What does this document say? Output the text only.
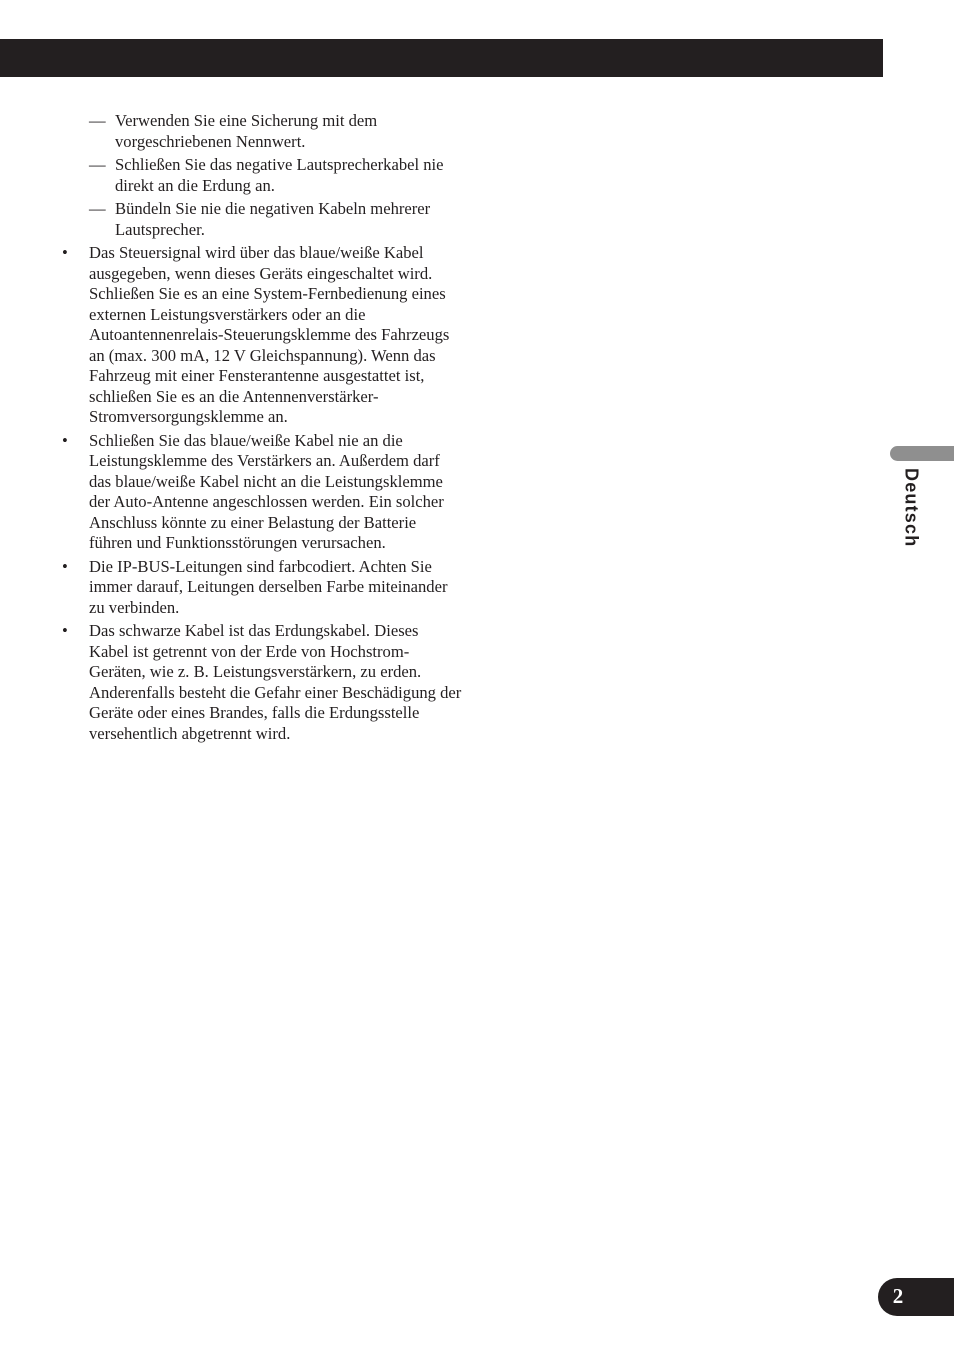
— Verwenden Sie eine Sicherung mit dem vorgeschriebenen Nennwert.
— Schließen Sie das negative Lautsprecherkabel nie direkt an die Erdung an.
— Bündeln Sie nie die negativen Kabeln mehrerer Lautsprecher.
• Das Steuersignal wird über das blaue/weiße Kabel ausgegeben, wenn dieses Geräts eingeschaltet wird. Schließen Sie es an eine System-Fernbedienung eines externen Leistungsverstärkers oder an die Autoantennenrelais-Steuerungsklemme des Fahrzeugs an (max. 300 mA, 12 V Gleichspannung). Wenn das Fahrzeug mit einer Fensterantenne ausgestattet ist, schließen Sie es an die Antennenverstärker-Stromversorgungsklemme an.
• Schließen Sie das blaue/weiße Kabel nie an die Leistungsklemme des Verstärkers an. Außerdem darf das blaue/weiße Kabel nicht an die Leistungsklemme der Auto-Antenne angeschlossen werden. Ein solcher Anschluss könnte zu einer Belastung der Batterie führen und Funktionsstörungen verursachen.
• Die IP-BUS-Leitungen sind farbcodiert. Achten Sie immer darauf, Leitungen derselben Farbe miteinander zu verbinden.
• Das schwarze Kabel ist das Erdungskabel. Dieses Kabel ist getrennt von der Erde von Hochstrom-Geräten, wie z. B. Leistungsverstärkern, zu erden. Anderenfalls besteht die Gefahr einer Beschädigung der Geräte oder eines Brandes, falls die Erdungsstelle versehentlich abgetrennt wird.
Deutsch
2
